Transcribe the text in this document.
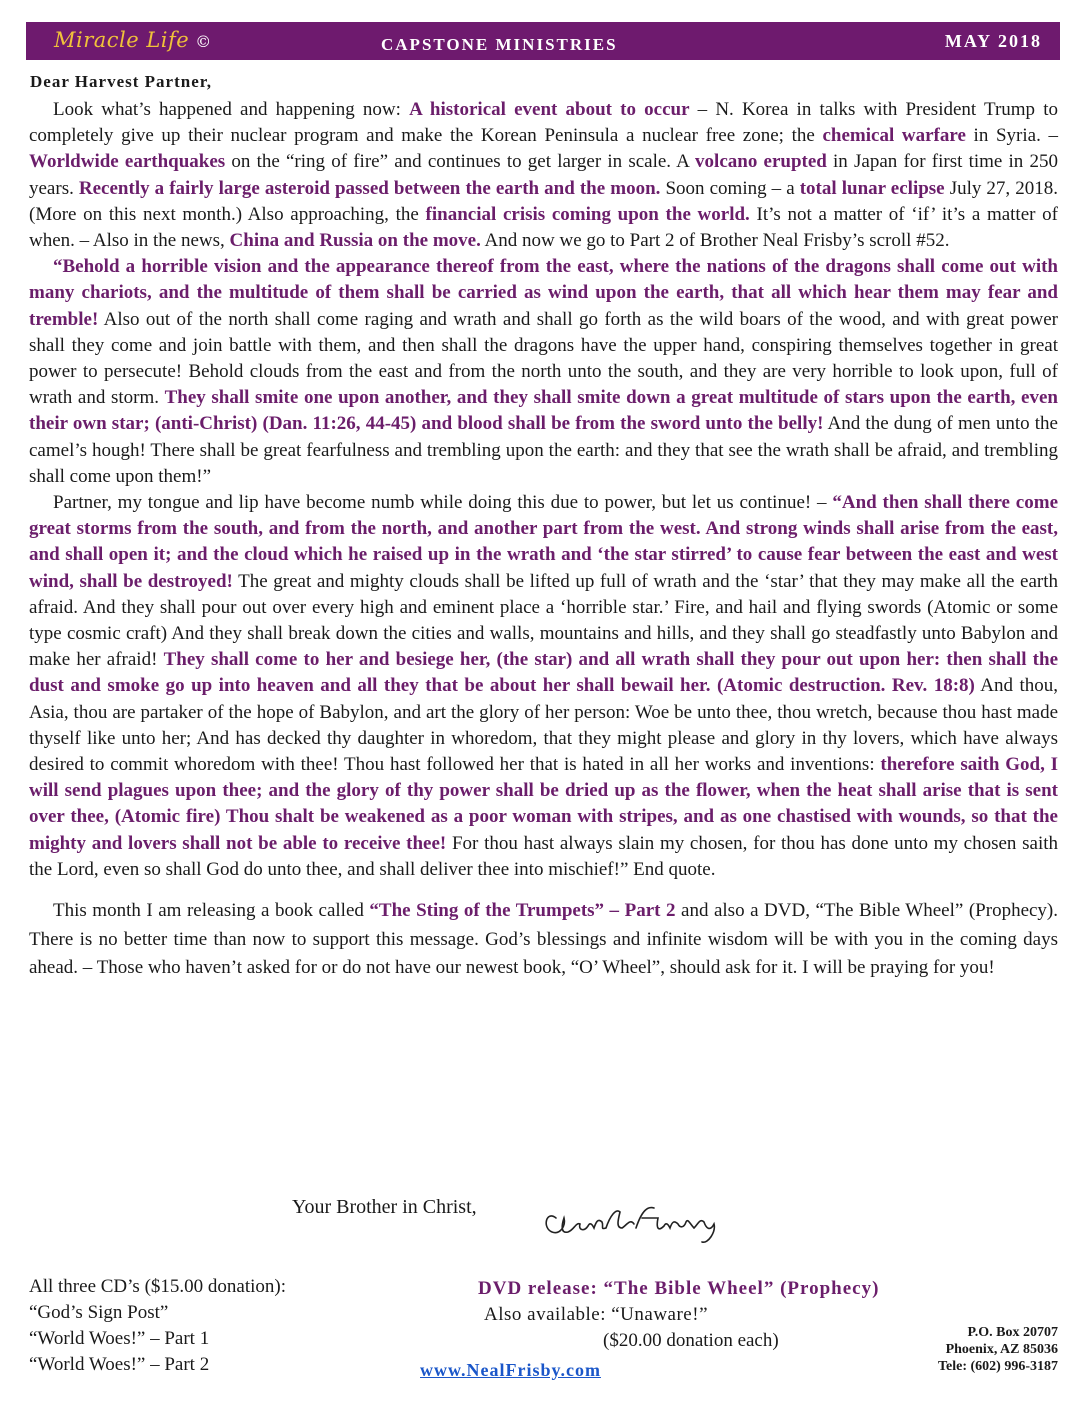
Miracle Life ©	CAPSTONE MINISTRIES	MAY 2018
Dear Harvest Partner,

Look what’s happened and happening now: A historical event about to occur – N. Korea in talks with President Trump to completely give up their nuclear program and make the Korean Peninsula a nuclear free zone; the chemical warfare in Syria. – Worldwide earthquakes on the “ring of fire” and continues to get larger in scale. A volcano erupted in Japan for first time in 250 years. Recently a fairly large asteroid passed between the earth and the moon. Soon coming – a total lunar eclipse July 27, 2018. (More on this next month.) Also approaching, the financial crisis coming upon the world. It’s not a matter of ‘if’ it’s a matter of when. – Also in the news, China and Russia on the move. And now we go to Part 2 of Brother Neal Frisby’s scroll #52.

“Behold a horrible vision and the appearance thereof from the east, where the nations of the dragons shall come out with many chariots, and the multitude of them shall be carried as wind upon the earth, that all which hear them may fear and tremble! Also out of the north shall come raging and wrath and shall go forth as the wild boars of the wood, and with great power shall they come and join battle with them, and then shall the dragons have the upper hand, conspiring themselves together in great power to persecute! Behold clouds from the east and from the north unto the south, and they are very horrible to look upon, full of wrath and storm. They shall smite one upon another, and they shall smite down a great multitude of stars upon the earth, even their own star; (anti-Christ) (Dan. 11:26, 44-45) and blood shall be from the sword unto the belly! And the dung of men unto the camel’s hough! There shall be great fearfulness and trembling upon the earth: and they that see the wrath shall be afraid, and trembling shall come upon them!”

Partner, my tongue and lip have become numb while doing this due to power, but let us continue! – “And then shall there come great storms from the south, and from the north, and another part from the west. And strong winds shall arise from the east, and shall open it; and the cloud which he raised up in the wrath and ‘the star stirred’ to cause fear between the east and west wind, shall be destroyed! The great and mighty clouds shall be lifted up full of wrath and the ‘star’ that they may make all the earth afraid. And they shall pour out over every high and eminent place a ‘horrible star.’ Fire, and hail and flying swords (Atomic or some type cosmic craft) And they shall break down the cities and walls, mountains and hills, and they shall go steadfastly unto Babylon and make her afraid! They shall come to her and besiege her, (the star) and all wrath shall they pour out upon her: then shall the dust and smoke go up into heaven and all they that be about her shall bewail her. (Atomic destruction. Rev. 18:8) And thou, Asia, thou are partaker of the hope of Babylon, and art the glory of her person: Woe be unto thee, thou wretch, because thou hast made thyself like unto her; And has decked thy daughter in whoredom, that they might please and glory in thy lovers, which have always desired to commit whoredom with thee! Thou hast followed her that is hated in all her works and inventions: therefore saith God, I will send plagues upon thee; and the glory of thy power shall be dried up as the flower, when the heat shall arise that is sent over thee, (Atomic fire) Thou shalt be weakened as a poor woman with stripes, and as one chastised with wounds, so that the mighty and lovers shall not be able to receive thee! For thou hast always slain my chosen, for thou has done unto my chosen saith the Lord, even so shall God do unto thee, and shall deliver thee into mischief!” End quote.

This month I am releasing a book called “The Sting of the Trumpets” – Part 2 and also a DVD, “The Bible Wheel” (Prophecy). There is no better time than now to support this message. God’s blessings and infinite wisdom will be with you in the coming days ahead. – Those who haven’t asked for or do not have our newest book, “O’ Wheel”, should ask for it. I will be praying for you!

Your Brother in Christ,
All three CD’s ($15.00 donation):
“God’s Sign Post”
“World Woes!” – Part 1
“World Woes!” – Part 2
DVD release: “The Bible Wheel” (Prophecy)
Also available: “Unaware!”
($20.00 donation each)
www.NealFrisby.com
P.O. Box 20707
Phoenix, AZ 85036
Tele: (602) 996-3187
